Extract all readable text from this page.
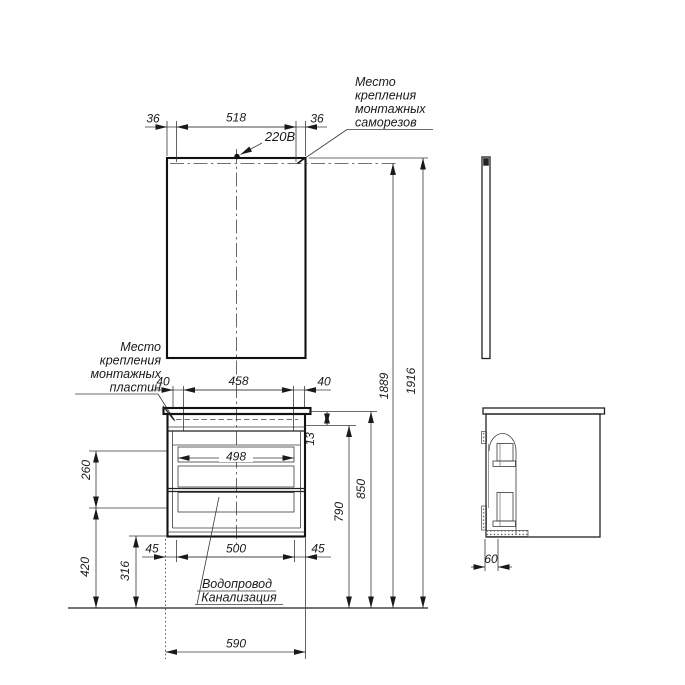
36	518	36
220В
Место
крепления
монтажных
саморезов
Место
крепления
монтажных
пластин
40	458	40
498
13
790
850
1889 1916
260
420 316
45	500	45
590
Водопровод
Канализация
60
